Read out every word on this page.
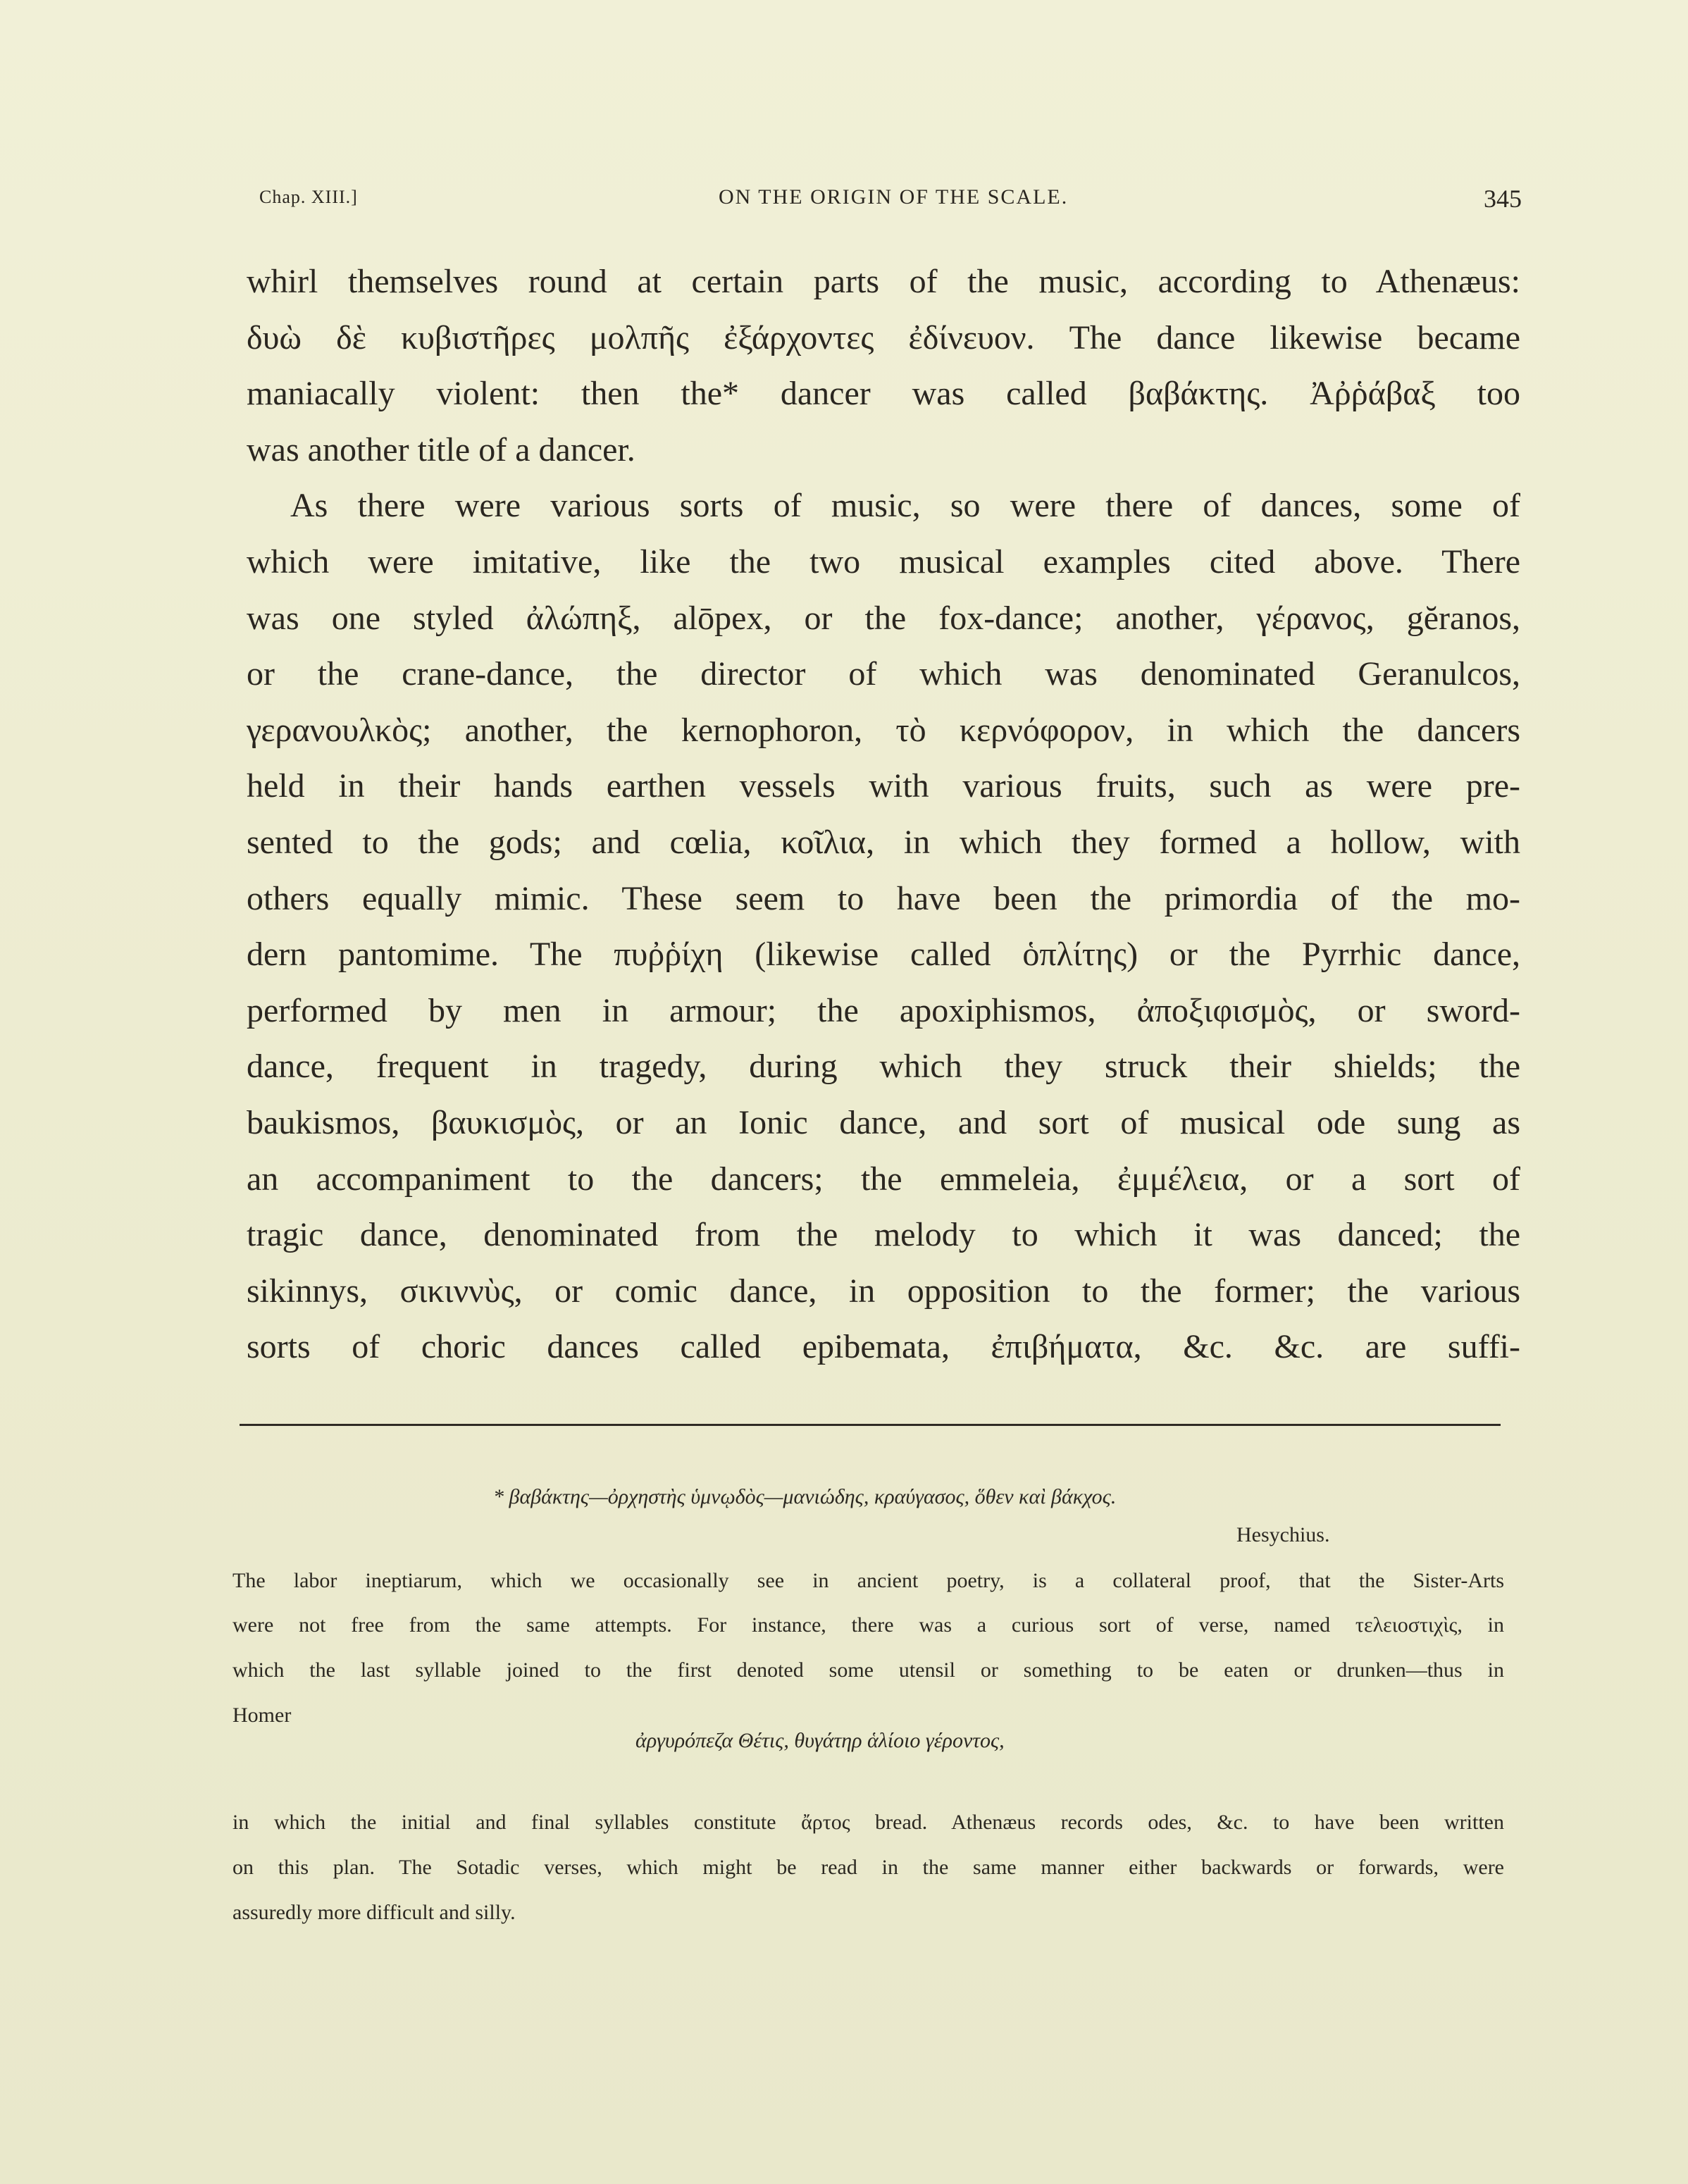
Chap. XIII.]	ON THE ORIGIN OF THE SCALE.	345
whirl themselves round at certain parts of the music, according to Athenæus:
δυὼ δὲ κυβιστῆρες μολπῆς ἐξάρχοντες ἐδίνευον. The dance likewise became
maniacally violent: then the* dancer was called βαβάκτης. Ἀῤῥάβαξ too
was another title of a dancer.
As there were various sorts of music, so were there of dances, some of
which were imitative, like the two musical examples cited above. There
was one styled ἀλώπηξ, alōpex, or the fox-dance; another, γέρανος, gĕranos,
or the crane-dance, the director of which was denominated Geranulcos,
γερανουλκὸς; another, the kernophoron, τὸ κερνόφορον, in which the dancers
held in their hands earthen vessels with various fruits, such as were pre-
sented to the gods; and cœlia, κοῖλια, in which they formed a hollow, with
others equally mimic. These seem to have been the primordia of the mo-
dern pantomime. The πυῤῥίχη (likewise called ὁπλίτης) or the Pyrrhic dance,
performed by men in armour; the apoxiphismos, ἀποξιφισμὸς, or sword-
dance, frequent in tragedy, during which they struck their shields; the
baukismos, βαυκισμὸς, or an Ionic dance, and sort of musical ode sung as
an accompaniment to the dancers; the emmeleia, ἐμμέλεια, or a sort of
tragic dance, denominated from the melody to which it was danced; the
sikinnys, σικιννὺς, or comic dance, in opposition to the former; the various
sorts of choric dances called epibemata, ἐπιβήματα, &c. &c. are suffi-
* βαβάκτης—ὀρχηστὴς ὑμνῳδὸς—μανιώδης, κραύγασος, ὅθεν καὶ βάκχος.
Hesychius.
The labor ineptiarum, which we occasionally see in ancient poetry, is a collateral proof, that the Sister-Arts
were not free from the same attempts. For instance, there was a curious sort of verse, named τελειοστιχὶς, in
which the last syllable joined to the first denoted some utensil or something to be eaten or drunken—thus in
Homer
ἀργυρόπεζα Θέτις, θυγάτηρ ἁλίοιο γέροντος,
in which the initial and final syllables constitute ἄρτος bread. Athenæus records odes, &c. to have been written
on this plan. The Sotadic verses, which might be read in the same manner either backwards or forwards, were
assuredly more difficult and silly.
